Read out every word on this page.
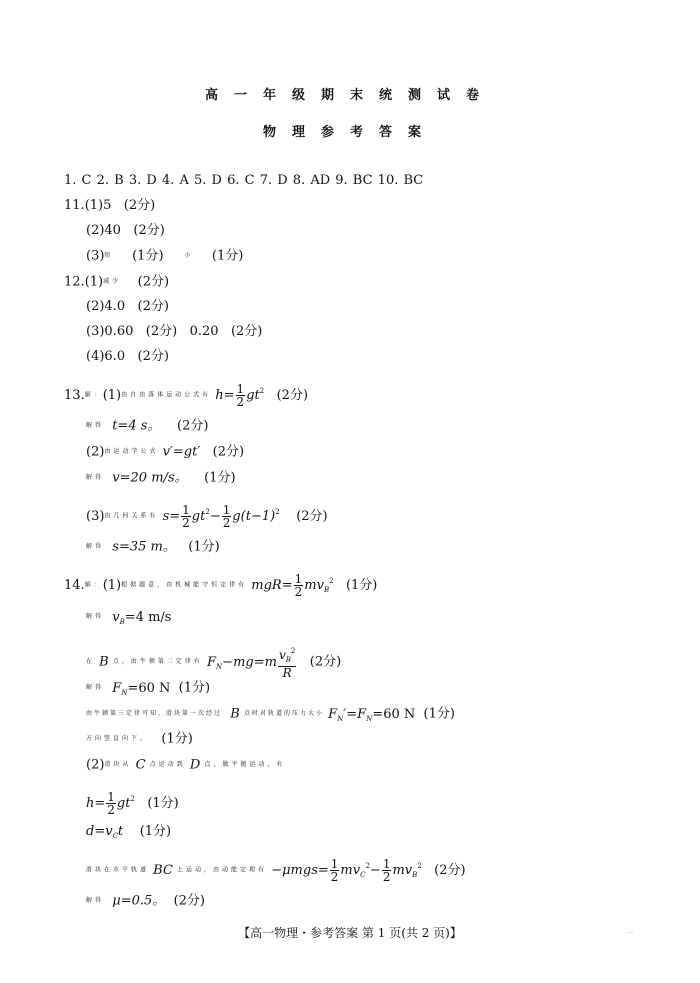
高一年级期末统测试卷
物理参考答案
1. C 2. B 3. D 4. A 5. D 6. C 7. D 8. AD 9. BC 10. BC
11.(1)5 (2分)
(2)40 (2分)
(3)短 (1分)	小 (1分)
12.(1)减少 (2分)
(2)4.0 (2分)
(3)0.60 (2分) 0.20 (2分)
(4)6.0 (2分)
13.解：(1)由自由落体运动公式有 $h= \frac{1}{2} gt^2$ (2分)
解得 t=4 s。 (2分)
(2)由运动学公式 v′=gt′ (2分)
解得 v=20 m/s。 (1分)
(3)由几何关系有 $s= \frac{1}{2} gt^2- \frac{1}{2} g(t-1)^2$ (2分)
解得 s=35 m。 (1分)
14.解：(1)根据题意，由机械能守恒定律有 $mgR= \frac{1}{2} mv_B^2$ (1分)
解得 $v_B=4$ m/s
在 B 点，由牛顿第二定律有 $F_N-mg=m \frac{v_B^2}{R} (2$分)
解得 $F_N=60$ N (1分)
由牛顿第三定律可知，滑块第一次经过 B 点时对轨道的压力大小 $F_N'=F_N=60$ N (1分)
方向竖直向下。 (1分)
(2)滑块从 C 点运动到 D 点，做平抛运动，有
$h= \frac{1}{2} gt^2$ (1分)
$d=v_Ct$ (1分)
滑块在水平轨道 BC 上运动，由动能定理有 $-\mu mgs= \frac{1}{2} mv_C^2- \frac{1}{2} mv_B^2$ (2分)
解得 μ=0.5。 (2分)
【高一物理・参考答案 第 1 页(共 2 页)】	…
